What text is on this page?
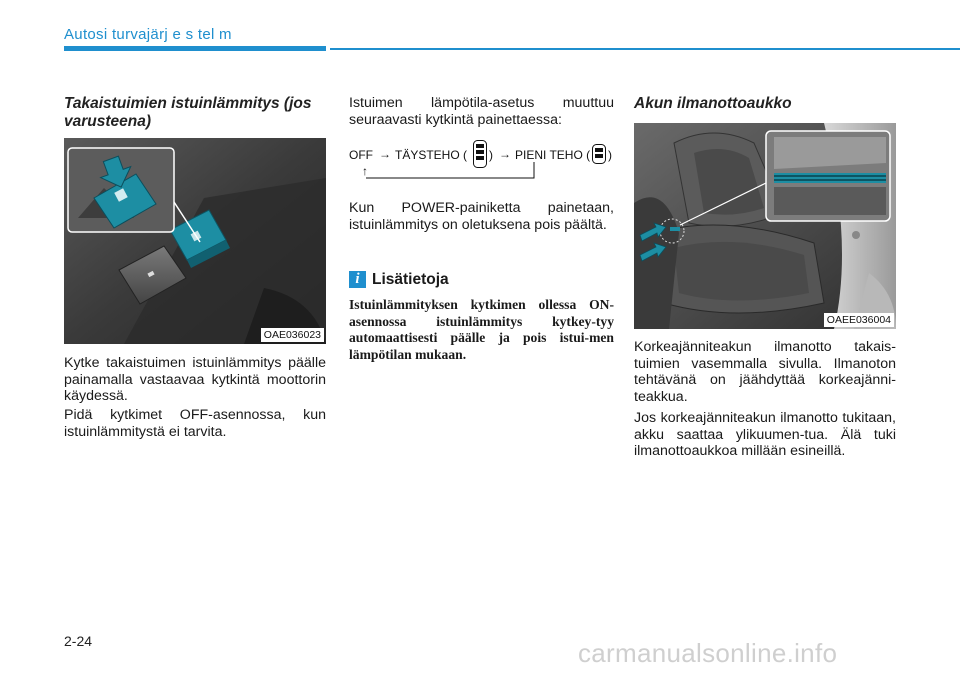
Autosi turvajärj e s tel m
Takaistuimien istuinlämmitys (jos varusteena)
OAE036023

Kytke takaistuimen istuinlämmitys päälle painamalla vastaavaa kytkintä moottorin käydessä.

Pidä kytkimet OFF-asennossa, kun istuinlämmitystä ei tarvita.

Istuimen lämpötila-asetus muuttuu seuraavasti kytkintä painettaessa:

OFF → TÄYSTEHO ( ) → PIENI TEHO ( )
↑

Kun POWER-painiketta painetaan, istuinlämmitys on oletuksena pois päältä.

i Lisätietoja

Istuinlämmityksen kytkimen ollessa ON-asennossa istuinlämmitys kytkey-tyy automaattisesti päälle ja pois istui-men lämpötilan mukaan.

Akun ilmanottoaukko
OAEE036004

Korkeajänniteakun ilmanotto takais-tuimien vasemmalla sivulla. Ilmanoton tehtävänä on jäähdyttää korkeajänni-teakkua.

Jos korkeajänniteakun ilmanotto tukitaan, akku saattaa ylikuumen-tua. Älä tuki ilmanottoaukkoa millään esineillä.

2-24	carmanualsonline.info
